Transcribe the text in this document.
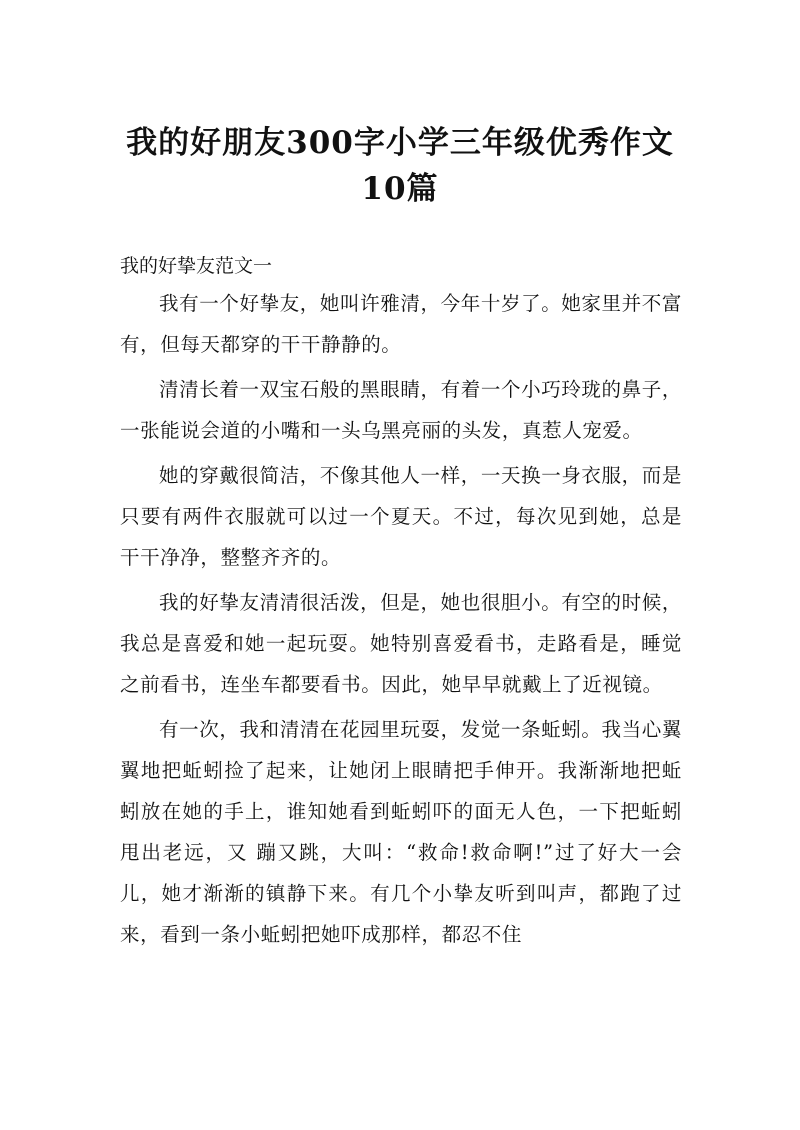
我的好朋友300字小学三年级优秀作文10篇

我的好挚友范文一

我有一个好挚友，她叫许雅清，今年十岁了。她家里并不富有，但每天都穿的干干静静的。

清清长着一双宝石般的黑眼睛，有着一个小巧玲珑的鼻子，一张能说会道的小嘴和一头乌黑亮丽的头发，真惹人宠爱。

她的穿戴很简洁，不像其他人一样，一天换一身衣服，而是只要有两件衣服就可以过一个夏天。不过，每次见到她，总是干干净净，整整齐齐的。

我的好挚友清清很活泼，但是，她也很胆小。有空的时候，我总是喜爱和她一起玩耍。她特别喜爱看书，走路看是，睡觉之前看书，连坐车都要看书。因此，她早早就戴上了近视镜。

有一次，我和清清在花园里玩耍，发觉一条蚯蚓。我当心翼翼地把蚯蚓捡了起来，让她闭上眼睛把手伸开。我渐渐地把蚯蚓放在她的手上，谁知她看到蚯蚓吓的面无人色，一下把蚯蚓甩出老远，又 蹦又跳，大叫：“救命!救命啊!”过了好大一会儿，她才渐渐的镇静下来。有几个小挚友听到叫声，都跑了过来，看到一条小蚯蚓把她吓成那样，都忍不住
